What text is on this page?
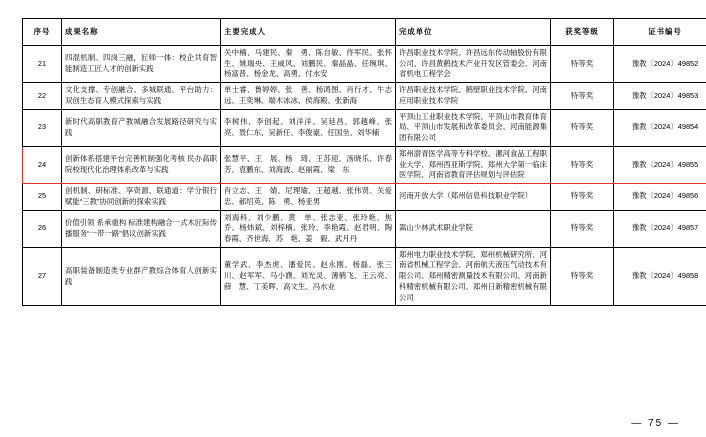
序号	成果名称	主要完成人	完成单位	获奖等级	证书编号
21	四混机制、四岗三融，匠师一体：校企共育智能制造工匠人才的创新实践	关中楠、马建民、秦　勇、陈自敏、佟军民、张怀生、姚瑞央、王威风、刘鹏民、秦晶晶、任琬琪、杨富普、杨金龙、高勇、付水安	许昌职业技术学院、许昌远东传动轴股份有限公司、许昌黄鹤技术产业开发区管委会、河南省机电工程学会	特等奖	豫教〔2024〕49852
22	文化支撑、专创融合、多城联通、平台助力：双创生态育人模式探索与实践	单士睿、鲁婷婷、张　善、杨鸿图、肖行才、牛志远、王奕琳、端木冰冰、侯海殿、张新海	许昌职业技术学院、鹤壁职业技术学院、河南应用职业技术学院	特等奖	豫教〔2024〕49853
23	新时代高职教育产教城融合发展路径研究与实践	李树伟、李创起、刘洋洋、吴延昌、郭越峰、张　亮、聂仁东、吴新任、李俊豪、任国坐、刘华辅	平顶山工业职业技术学院、平顶山市教育体育局、平顶山市发展和改革委员会、河南能源集团有限公司	特等奖	豫教〔2024〕49854
24	创新体系搭建平台完善机制强化考核 民办高职院校现代化治理体系改革与实践	张慧平、王　展、杨　琦、王苏迎、汤晓乐、许春芳、袁鹏东、刘海波、赵丽霞、梁　东	郑州澍青医学高等专科学校、漯河食品工程职业大学、郑州西亚斯学院、郑州大学第一临床医学院、河南省教育评估规划与评估院	特等奖	豫教〔2024〕49855
25	创机制、研标准、享资源、联通道：学分银行赋能“三教”协同创新的探索实践	肖立志、王　婧、尼理瑜、王超越、张伟贤、关爱忠、郝绍英、陈　勇、杨亚男	河南开放大学（郑州信息科技职业学院）	特等奖	豫教〔2024〕49856
26	价值引领 系承重构 标准建构融合一式木匠际传播服务“一带一路”倡议创新实践	刘海科、刘少鹏、黄　单、张志亚、张玲艳、焦　乔、杨炜斌、刘梓楠、张玲、李艳霞、赵君明、陶春霞、齐世海、苏　艳、姜　毅、武月丹	嵩山少林武术职业学院	特等奖	豫教〔2024〕49857
27	高职装备制造类专业群产教综合体育人创新实践	董学武、李杰虎、潘爱民、赵永刚、杨磊、张三川、赵军军、马小濮、刘光灵、薄鹤飞、王云亮、薛　慧、丁美晖、高文生、冯水业	郑州电力职业技术学院、郑州机械研究所、河南省机械工程学会、河南航天液压气动技术有限公司、郑州精密测量技术有限公司、河南新科精密机械有限公司、郑州日新精密机械有限公司	特等奖	豫教〔2024〕49858
— 75 —
